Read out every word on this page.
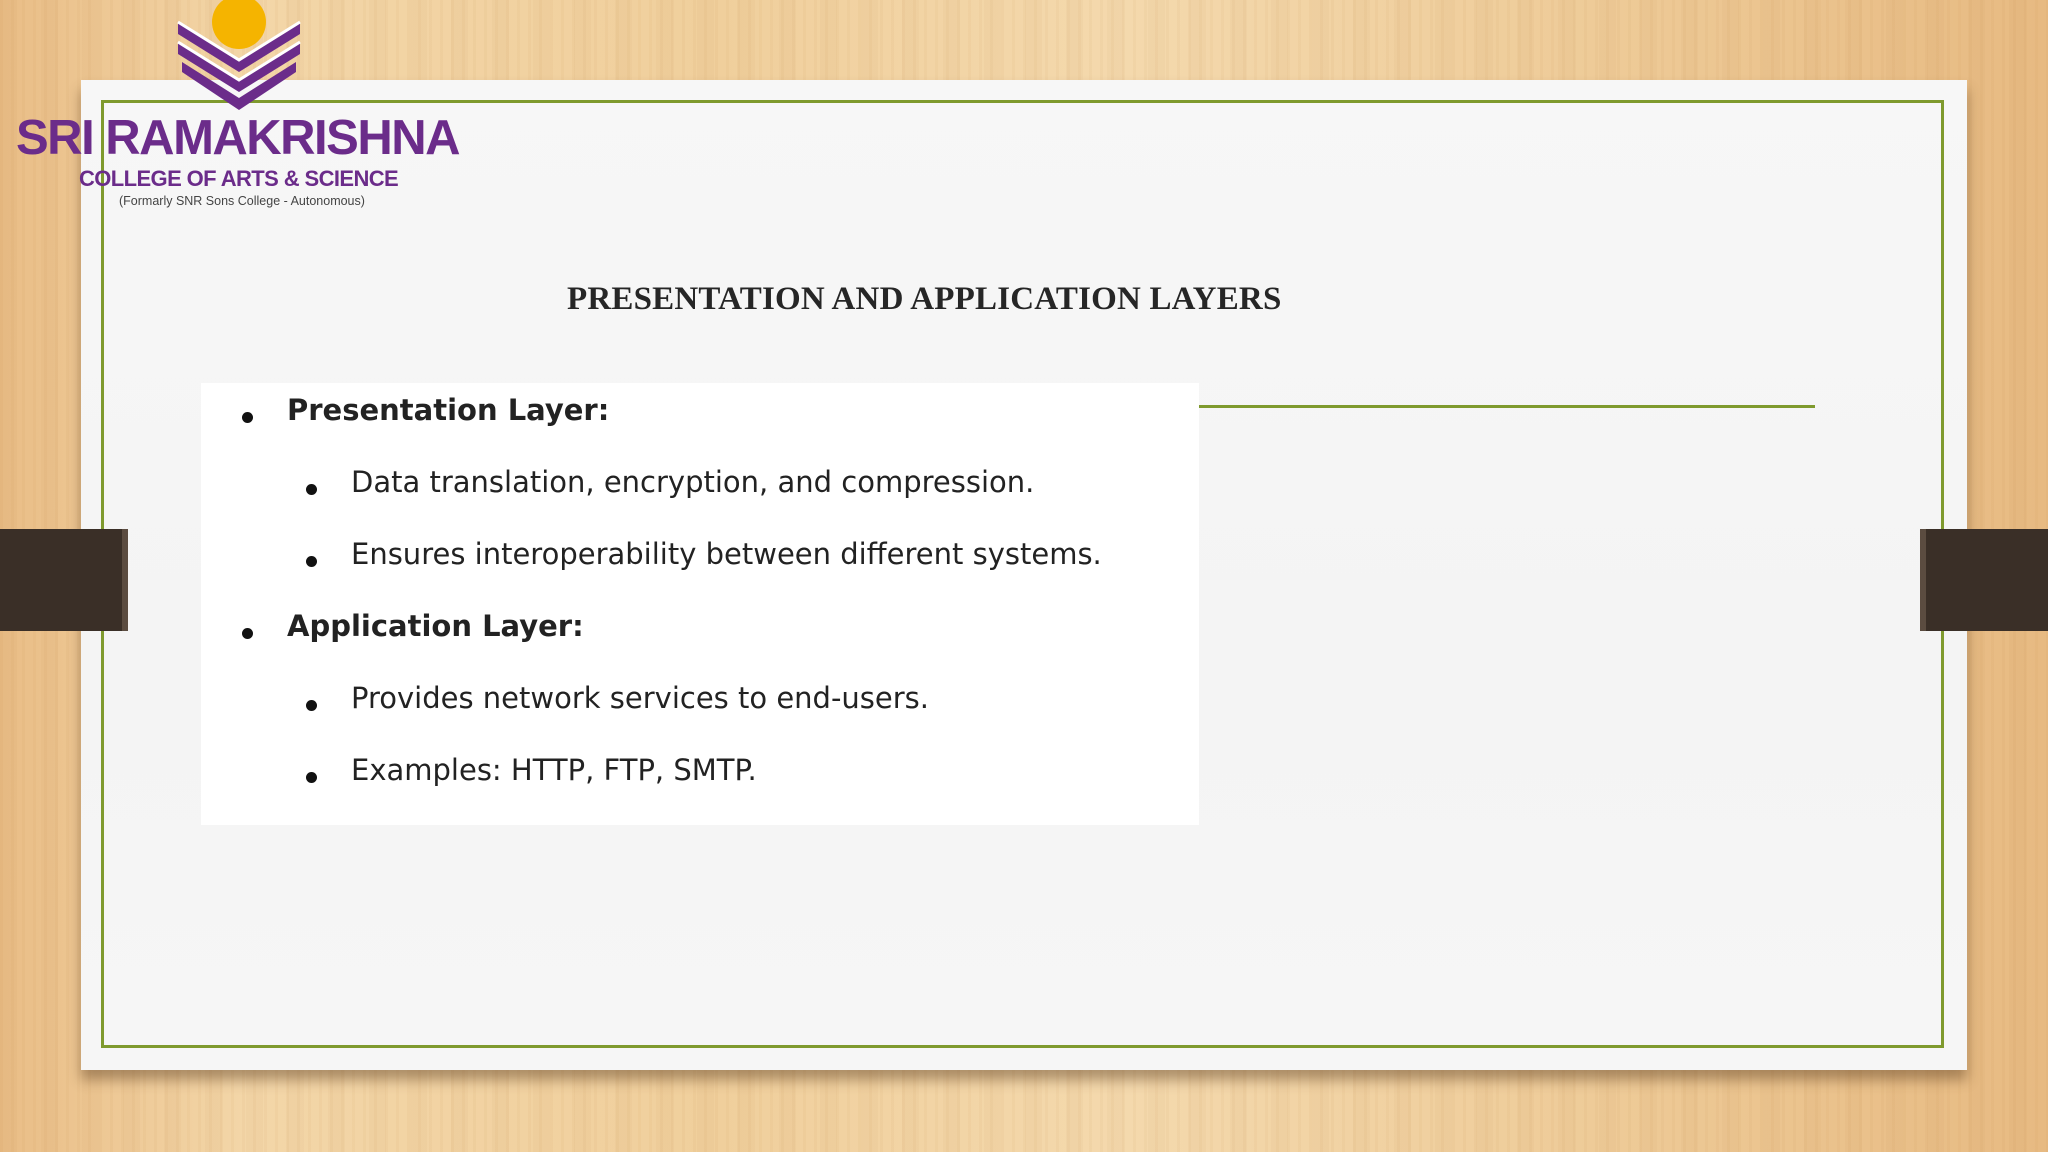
SRI RAMAKRISHNA
COLLEGE OF ARTS & SCIENCE
(Formarly SNR Sons College - Autonomous)
PRESENTATION AND APPLICATION LAYERS
Presentation Layer:
Data translation, encryption, and compression.
Ensures interoperability between different systems.
Application Layer:
Provides network services to end-users.
Examples: HTTP, FTP, SMTP.
